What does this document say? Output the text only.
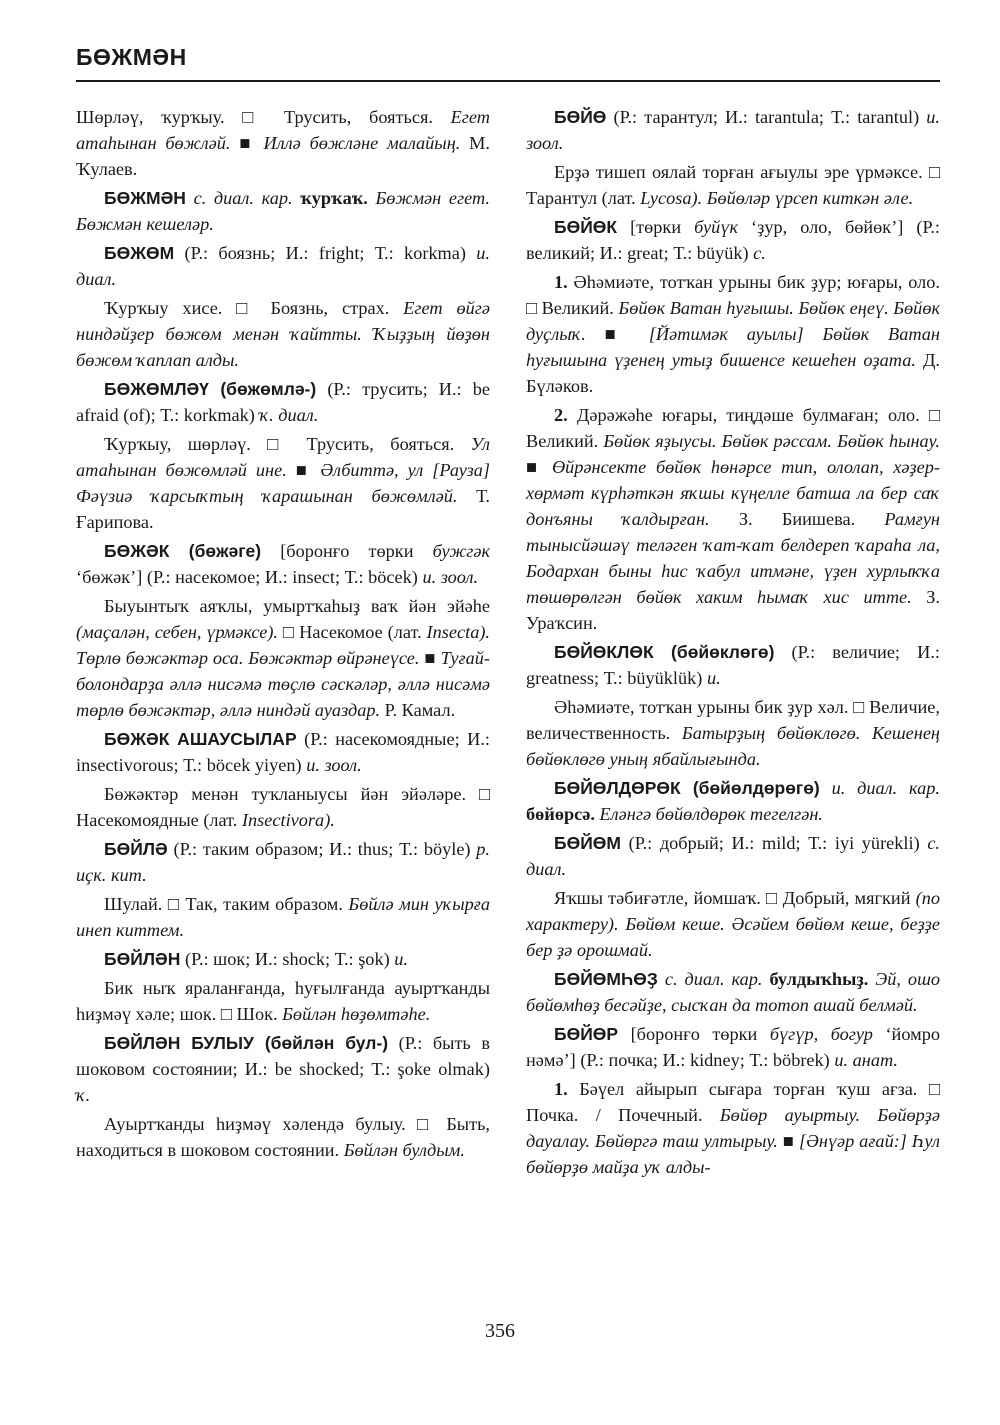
БӨЖМӘН

Шөрләү, ҡурҡыу. □ Трусить, бояться. Егет атаһынан бөжләй. ■ Иллә бөжләне малайың. М. Ҡулаев.

БӨЖМӘН с. диал. кар. ҡурҡаҡ. Бөжмән егет. Бөжмән кешеләр.

БӨЖӨМ (Р.: боязнь; И.: fright; Т.: korkma) и. диал.

Ҡурҡыу хисе. □ Боязнь, страх. Егет өйгә ниндәйҙер бөжөм менән ҡайтты. Ҡыҙҙың йөҙөн бөжөм ҡаплап алды.

БӨЖӨМЛӘҮ (бөжөмлә-) (Р.: трусить; И.: be afraid (of); Т.: korkmak) ҡ. диал.

Ҡурҡыу, шөрләү. □ Трусить, бояться. Ул атаһынан бөжөмләй ине. ■ Әлбиттә, ул [Рауза] Фәүзиә ҡарсыҡтың ҡарашынан бөжөмләй. Т. Ғарипова.

БӨЖӘК (бөжәге) [боронғо төрки бужгәк ‘бөжәк’] (Р.: насекомое; И.: insect; Т.: böcek) и. зоол.

Быуынтыҡ аяҡлы, умыртҡаһыҙ ваҡ йән эйәһе (маҫалән, себен, үрмәксе). □ Насекомое (лат. Insecta). Төрлө бөжәктәр оса. Бөжәктәр өйрәнеүсе. ■ Туғай-болондарҙа әллә нисәмә төҫлө сәскәләр, әллә нисәмә төрлө бөжәктәр, әллә ниндәй ауаздар. Р. Камал.

БӨЖӘК АШАУСЫЛАР (Р.: насекомоядные; И.: insectivorous; Т.: böcek yiyen) и. зоол.

Бөжәктәр менән туҡланыусы йән эйәләре. □ Насекомоядные (лат. Insectivora).

БӨЙЛӘ (Р.: таким образом; И.: thus; Т.: böyle) р. иҫк. кит.

Шулай. □ Так, таким образом. Бөйлә мин уҡырға инеп киттем.

БӨЙЛӘН (Р.: шок; И.: shock; Т.: şok) и.

Бик ныҡ яраланғанда, һуғылғанда ауыртҡанды һиҙмәү хәле; шок. □ Шок. Бөйлән һөҙөмтәһе.

БӨЙЛӘН БУЛЫУ (бөйлән бул-) (Р.: быть в шоковом состоянии; И.: be shocked; Т.: şoke olmak) ҡ.

Ауыртҡанды һиҙмәү хәлендә булыу. □ Быть, находиться в шоковом состоянии. Бөйлән булдым.

БӨЙӨ (Р.: тарантул; И.: tarantula; Т.: tarantul) и. зоол.

Ерҙә тишеп оялай торған ағыулы эре үрмәксе. □ Тарантул (лат. Lycosa). Бөйөләр үрсеп киткән әле.

БӨЙӨК [төрки буйүк ‘ҙур, оло, бөйөк’] (Р.: великий; И.: great; Т.: büyük) с.

1. Әһәмиәте, тотҡан урыны бик ҙур; юғары, оло. □ Великий. Бөйөк Ватан һуғышы. Бөйөк еңеү. Бөйөк дуҫлыҡ. ■ [Йәтимәк ауылы] Бөйөк Ватан һуғышына үҙенең утыҙ бишенсе кешеһен оҙата. Д. Бүләков.

2. Дәрәжәһе юғары, тиңдәше булмаған; оло. □ Великий. Бөйөк яҙыусы. Бөйөк рәссам. Бөйөк һынау. ■ Өйрәнсекте бөйөк һөнәрсе тип, ололап, хәҙер-хөрмәт күрһәткән яҡшы күңелле батша ла бер саҡ донъяны ҡалдырған. З. Биишева. Рамғун тынысйәшәү теләген ҡат-ҡат белдереп ҡараһа ла, Бодархан быны һис ҡабул итмәне, үҙен хурлыҡҡа төшөрөлгән бөйөк хаким һымаҡ хис итте. З. Ураҡсин.

БӨЙӨКЛӨК (бөйөклөгө) (Р.: величие; И.: greatness; Т.: büyüklük) и.

Әһәмиәте, тотҡан урыны бик ҙур хәл. □ Величие, величественность. Батырҙың бөйөклөгө. Кешенең бөйөклөгө уның ябайлығында.

БӨЙӨЛДӨРӨК (бөйөлдөрөгө) и. диал. кар. бөйөрсә. Еләнгә бөйөлдөрөк тегелгән.

БӨЙӨМ (Р.: добрый; И.: mild; Т.: iyi yürekli) с. диал.

Яҡшы тәбиғәтле, йомшаҡ. □ Добрый, мягкий (по характеру). Бөйөм кеше. Әсәйем бөйөм кеше, беҙҙе бер ҙә орошмай.

БӨЙӨМҺӨҘ с. диал. кар. булдыҡһыҙ. Эй, ошо бөйөмһөҙ бесәйҙе, сысҡан да тотоп ашай белмәй.

БӨЙӨР [боронғо төрки бүгүр, богур ‘йомро нәмә’] (Р.: почка; И.: kidney; Т.: böbrek) и. анат.

1. Бәүел айырып сығара торған ҡуш ағза. □ Почка. / Почечный. Бөйөр ауыртыу. Бөйөрҙә дауалау. Бөйөргә таш ултырыу. ■ [Әнүәр ағай:] Һул бөйөрҙө майҙа уҡ алды-

356
